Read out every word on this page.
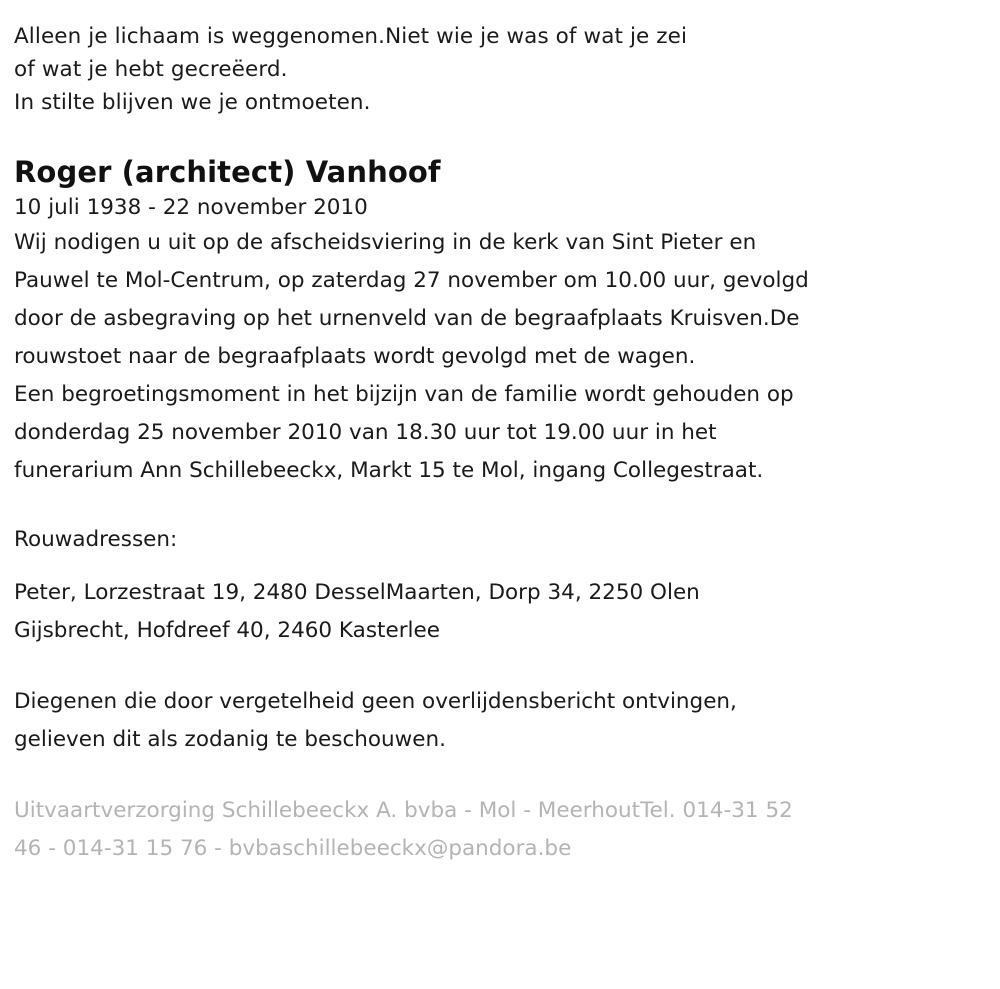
Alleen je lichaam is weggenomen.Niet wie je was of wat je zei
of wat je hebt gecreëerd.
In stilte blijven we je ontmoeten.
Roger (architect) Vanhoof
10 juli 1938 - 22 november 2010
Wij nodigen u uit op de afscheidsviering in de kerk van Sint Pieter en
Pauwel te Mol-Centrum, op zaterdag 27 november om 10.00 uur, gevolgd
door de asbegraving op het urnenveld van de begraafplaats Kruisven.De
rouwstoet naar de begraafplaats wordt gevolgd met de wagen.
Een begroetingsmoment in het bijzijn van de familie wordt gehouden op
donderdag 25 november 2010 van 18.30 uur tot 19.00 uur in het
funerarium Ann Schillebeeckx, Markt 15 te Mol, ingang Collegestraat.
Rouwadressen:
Peter, Lorzestraat 19, 2480 DesselMaarten, Dorp 34, 2250 Olen
Gijsbrecht, Hofdreef 40, 2460 Kasterlee
Diegenen die door vergetelheid geen overlijdensbericht ontvingen,
gelieven dit als zodanig te beschouwen.
Uitvaartverzorging Schillebeeckx A. bvba - Mol - MeerhoutTel. 014-31 52
46 - 014-31 15 76 - bvbaschillebeeckx@pandora.be
